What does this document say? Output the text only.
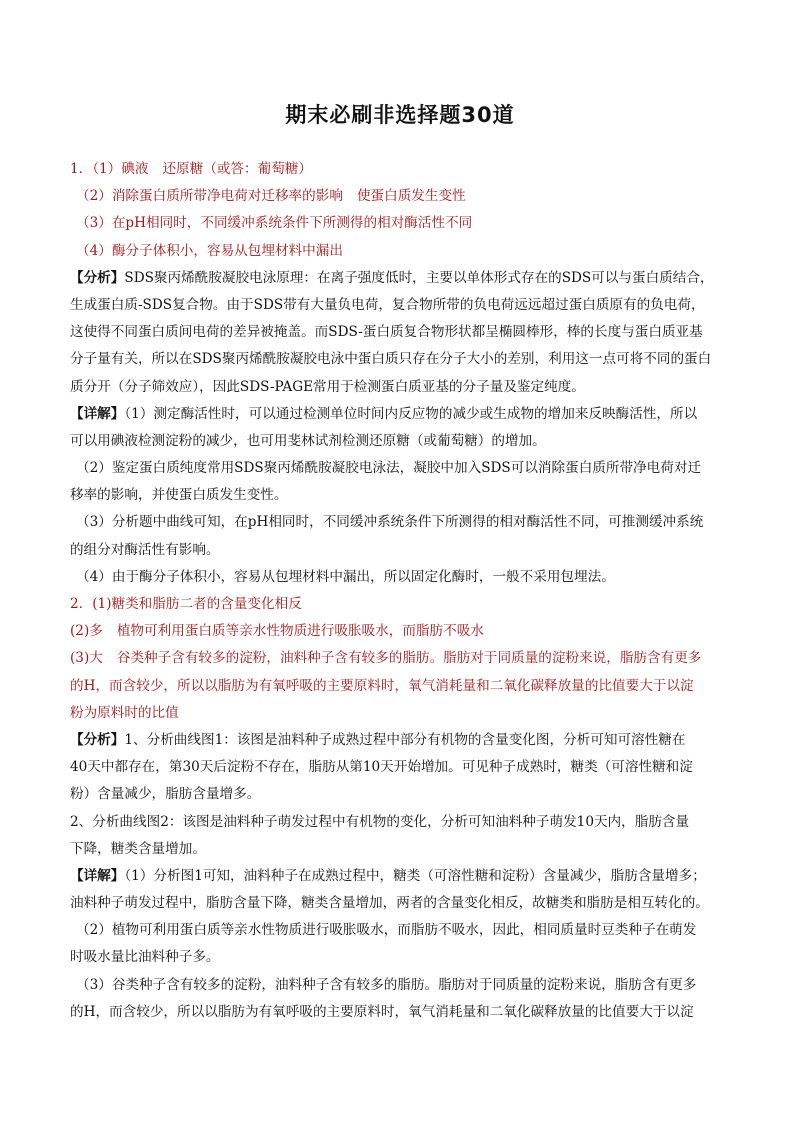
期末必刷非选择题30道
1．（1）碘液 还原糖（或答：葡萄糖）
（2）消除蛋白质所带净电荷对迁移率的影响 使蛋白质发生变性
（3）在pH相同时，不同缓冲系统条件下所测得的相对酶活性不同
（4）酶分子体积小，容易从包埋材料中漏出
【分析】SDS聚丙烯酰胺凝胶电泳原理：在离子强度低时，主要以单体形式存在的SDS可以与蛋白质结合，
生成蛋白质-SDS复合物。由于SDS带有大量负电荷，复合物所带的负电荷远远超过蛋白质原有的负电荷，
这使得不同蛋白质间电荷的差异被掩盖。而SDS-蛋白质复合物形状都呈椭圆棒形，棒的长度与蛋白质亚基
分子量有关，所以在SDS聚丙烯酰胺凝胶电泳中蛋白质只存在分子大小的差别，利用这一点可将不同的蛋白
质分开（分子筛效应），因此SDS-PAGE常用于检测蛋白质亚基的分子量及鉴定纯度。
【详解】（1）测定酶活性时，可以通过检测单位时间内反应物的减少或生成物的增加来反映酶活性，所以
可以用碘液检测淀粉的减少，也可用斐林试剂检测还原糖（或葡萄糖）的增加。
（2）鉴定蛋白质纯度常用SDS聚丙烯酰胺凝胶电泳法，凝胶中加入SDS可以消除蛋白质所带净电荷对迁
移率的影响，并使蛋白质发生变性。
（3）分析题中曲线可知，在pH相同时，不同缓冲系统条件下所测得的相对酶活性不同，可推测缓冲系统
的组分对酶活性有影响。
（4）由于酶分子体积小，容易从包埋材料中漏出，所以固定化酶时，一般不采用包埋法。
2．(1)糖类和脂肪二者的含量变化相反
(2)多 植物可利用蛋白质等亲水性物质进行吸胀吸水，而脂肪不吸水
(3)大 谷类种子含有较多的淀粉，油料种子含有较多的脂肪。脂肪对于同质量的淀粉来说，脂肪含有更多
的H，而含较少，所以以脂肪为有氧呼吸的主要原料时，氧气消耗量和二氧化碳释放量的比值要大于以淀
粉为原料时的比值
【分析】1、分析曲线图1：该图是油料种子成熟过程中部分有机物的含量变化图，分析可知可溶性糖在
40天中都存在，第30天后淀粉不存在，脂肪从第10天开始增加。可见种子成熟时，糖类（可溶性糖和淀
粉）含量减少，脂肪含量增多。
2、分析曲线图2：该图是油料种子萌发过程中有机物的变化，分析可知油料种子萌发10天内，脂肪含量
下降，糖类含量增加。
【详解】（1）分析图1可知，油料种子在成熟过程中，糖类（可溶性糖和淀粉）含量减少，脂肪含量增多；
油料种子萌发过程中，脂肪含量下降，糖类含量增加，两者的含量变化相反，故糖类和脂肪是相互转化的。
（2）植物可利用蛋白质等亲水性物质进行吸胀吸水，而脂肪不吸水，因此，相同质量时豆类种子在萌发
时吸水量比油料种子多。
（3）谷类种子含有较多的淀粉，油料种子含有较多的脂肪。脂肪对于同质量的淀粉来说，脂肪含有更多
的H，而含较少，所以以脂肪为有氧呼吸的主要原料时，氧气消耗量和二氧化碳释放量的比值要大于以淀
